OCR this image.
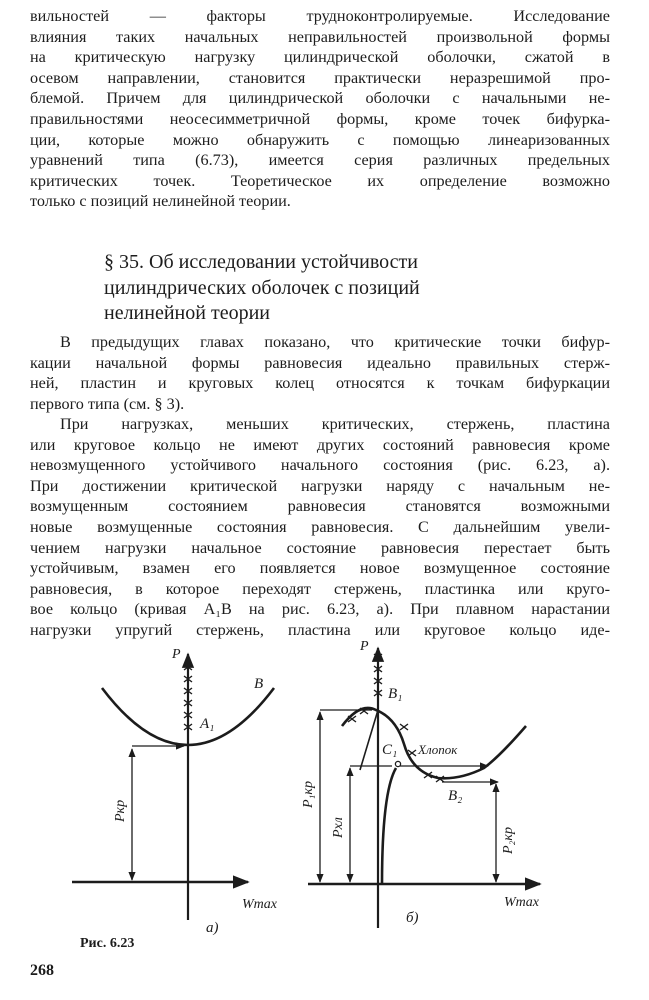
вильностей — факторы трудноконтролируемые. Исследование
влияния таких начальных неправильностей произвольной формы
на критическую нагрузку цилиндрической оболочки, сжатой в
осевом направлении, становится практически неразрешимой про-
блемой. Причем для цилиндрической оболочки с начальными не-
правильностями неосесимметричной формы, кроме точек бифурка-
ции, которые можно обнаружить с помощью линеаризованных
уравнений типа (6.73), имеется серия различных предельных
критических точек. Теоретическое их определение возможно
только с позиций нелинейной теории.
§ 35. Об исследовании устойчивости
цилиндрических оболочек с позиций
нелинейной теории
В предыдущих главах показано, что критические точки бифур-
кации начальной формы равновесия идеально правильных стерж-
ней, пластин и круговых колец относятся к точкам бифуркации
первого типа (см. § 3).
При нагрузках, меньших критических, стержень, пластина
или круговое кольцо не имеют других состояний равновесия кроме
невозмущенного устойчивого начального состояния (рис. 6.23, а).
При достижении критической нагрузки наряду с начальным не-
возмущенным состоянием равновесия становятся возможными
новые возмущенные состояния равновесия. С дальнейшим увели-
чением нагрузки начальное состояние равновесия перестает быть
устойчивым, взамен его появляется новое возмущенное состояние
равновесия, в которое переходят стержень, пластинка или круго-
вое кольцо (кривая A₁B на рис. 6.23, а). При плавном нарастании
нагрузки упругий стержень, пластина или круговое кольцо иде-
P
B
A₁
Pкр
Wmax
а)
P
B₁
C₁ Хлопок
B₂
P₁кр
Pхл	P₂кр
Wmax
б)
Рис. 6.23
268
